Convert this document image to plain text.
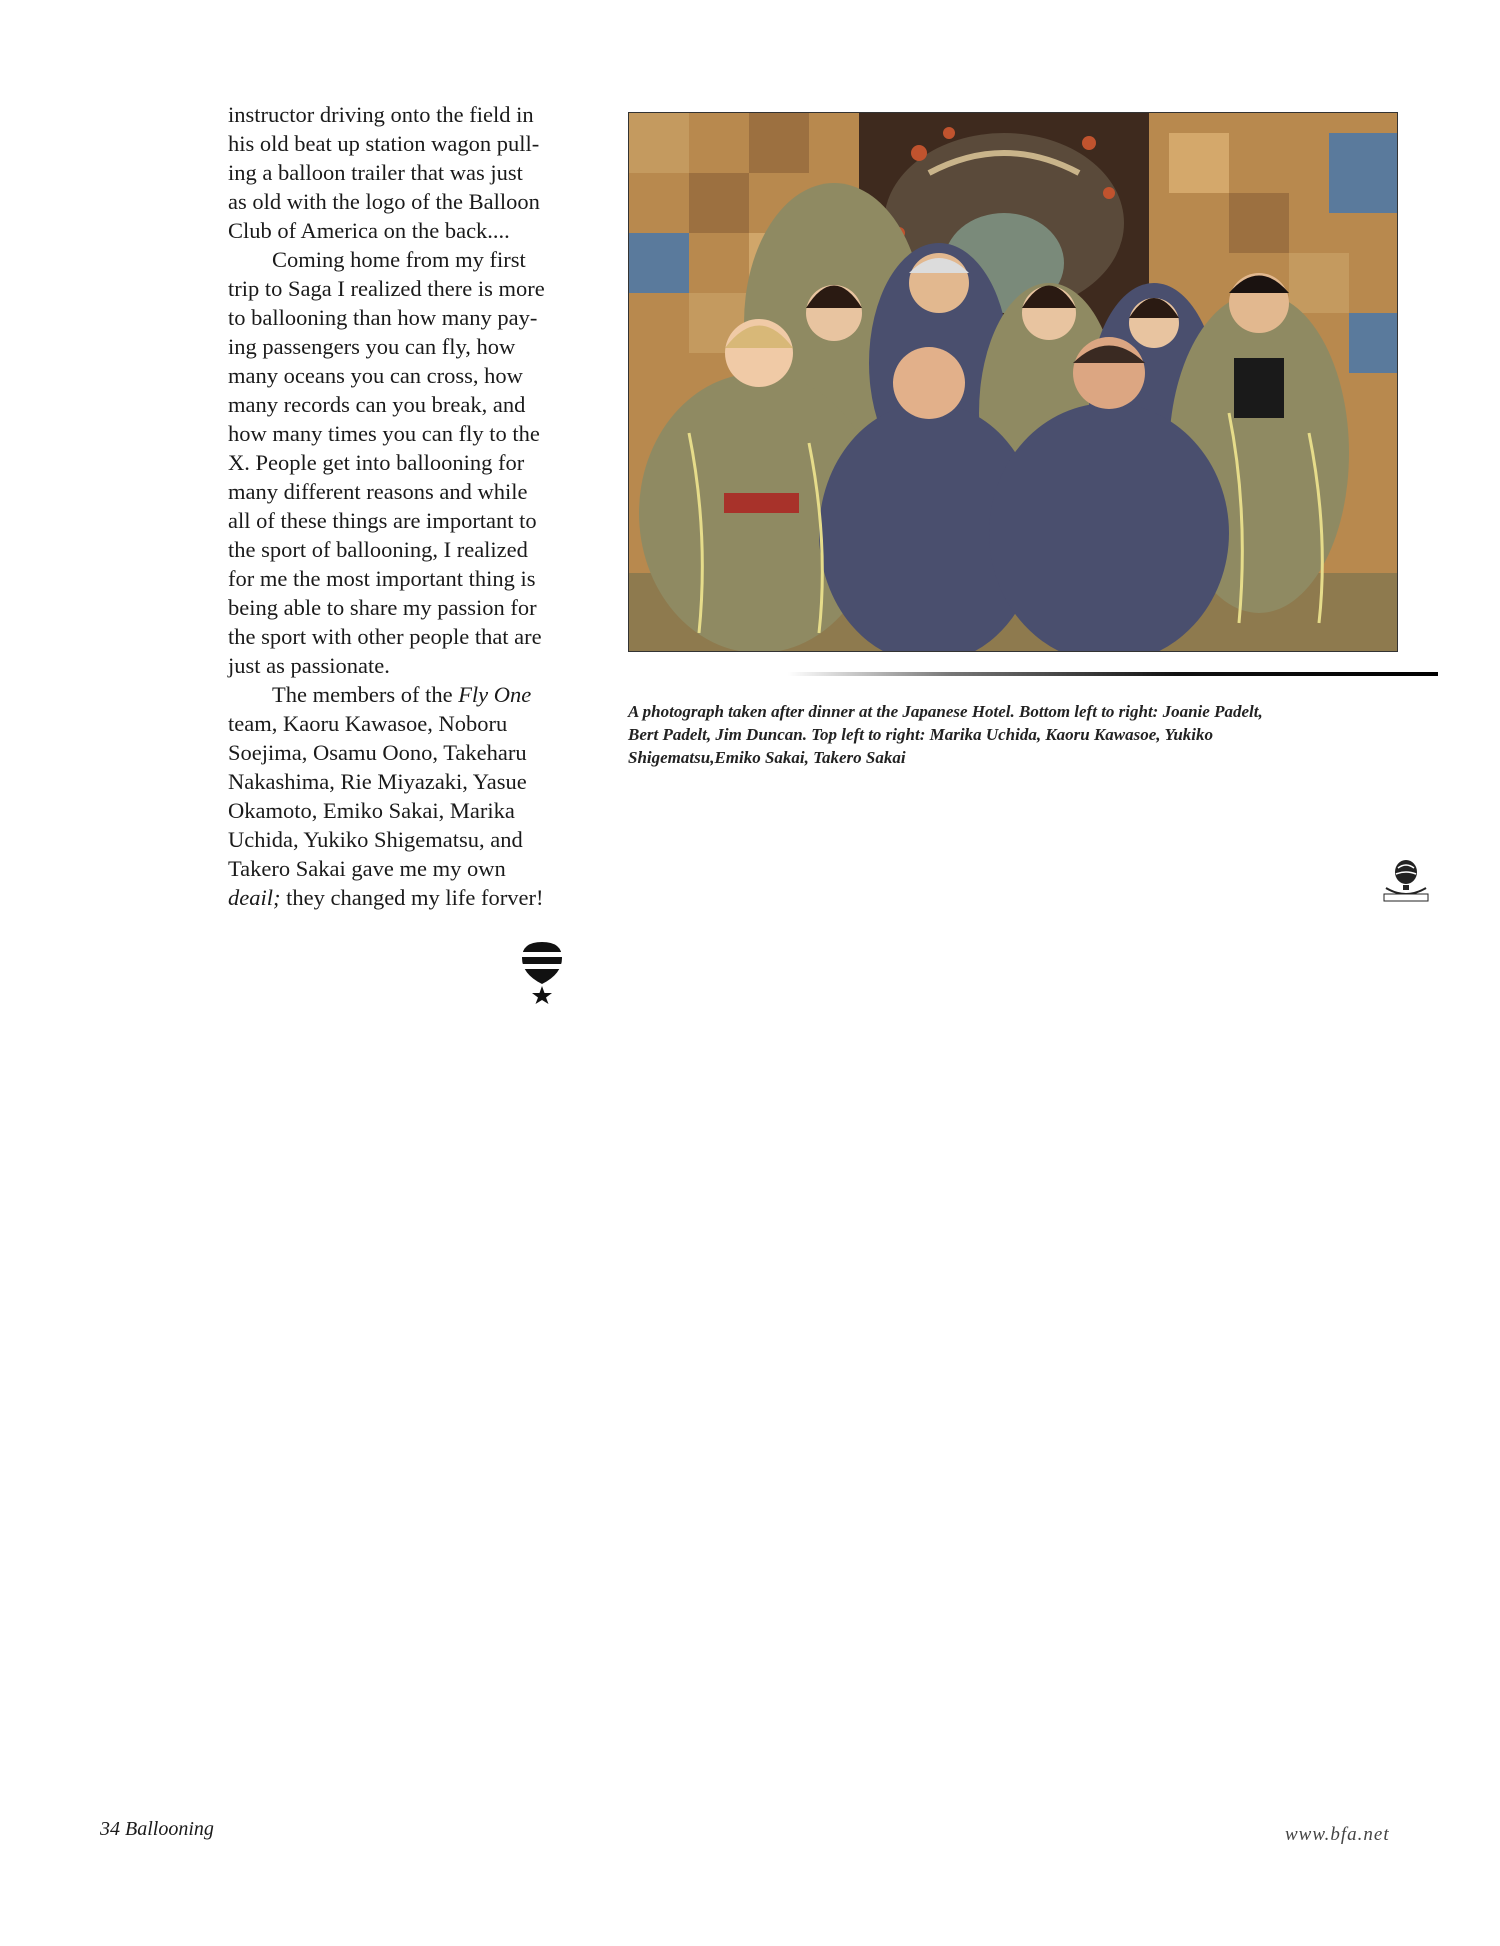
instructor driving onto the field in
his old beat up station wagon pull-
ing a balloon trailer that was just
as old with the logo of the Balloon
Club of America on the back....

Coming home from my first
trip to Saga I realized there is more
to ballooning than how many pay-
ing passengers you can fly, how
many oceans you can cross, how
many records can you break, and
how many times you can fly to the
X. People get into ballooning for
many different reasons and while
all of these things are important to
the sport of ballooning, I realized
for me the most important thing is
being able to share my passion for
the sport with other people that are
just as passionate.

The members of the Fly One
team, Kaoru Kawasoe, Noboru
Soejima, Osamu Oono, Takeharu
Nakashima, Rie Miyazaki, Yasue
Okamoto, Emiko Sakai, Marika
Uchida, Yukiko Shigematsu, and
Takero Sakai gave me my own
deail; they changed my life forver!

A photograph taken after dinner at the Japanese Hotel. Bottom left to right: Joanie Padelt,
Bert Padelt, Jim Duncan. Top left to right: Marika Uchida, Kaoru Kawasoe, Yukiko
Shigematsu,Emiko Sakai, Takero Sakai
34 Ballooning	www.bfa.net
